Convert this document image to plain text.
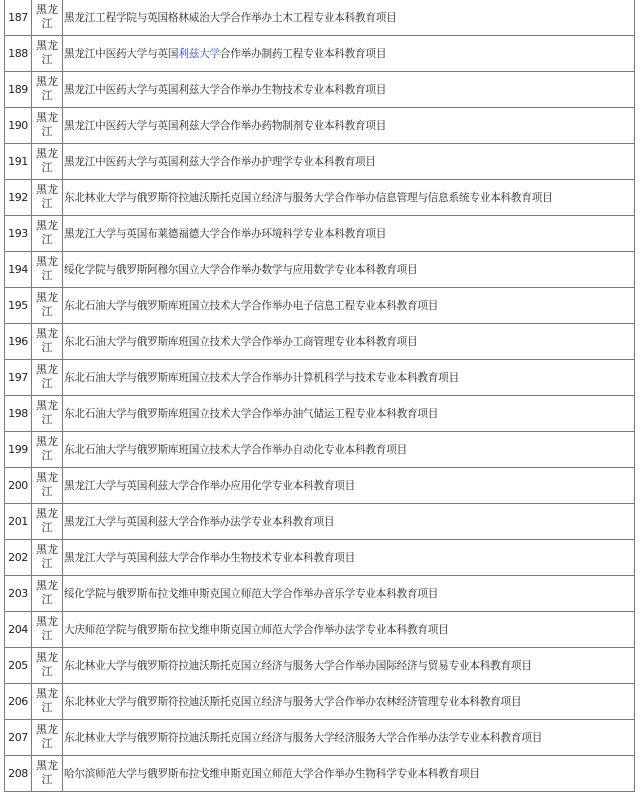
187	黑龙江	黑龙江工程学院与英国格林威治大学合作举办土木工程专业本科教育项目
188	黑龙江	黑龙江中医药大学与英国利兹大学合作举办制药工程专业本科教育项目
189	黑龙江	黑龙江中医药大学与英国利兹大学合作举办生物技术专业本科教育项目
190	黑龙江	黑龙江中医药大学与英国利兹大学合作举办药物制剂专业本科教育项目
191	黑龙江	黑龙江中医药大学与英国利兹大学合作举办护理学专业本科教育项目
192	黑龙江	东北林业大学与俄罗斯符拉迪沃斯托克国立经济与服务大学合作举办信息管理与信息系统专业本科教育项目
193	黑龙江	黑龙江大学与英国布莱德福德大学合作举办环境科学专业本科教育项目
194	黑龙江	绥化学院与俄罗斯阿穆尔国立大学合作举办数学与应用数学专业本科教育项目
195	黑龙江	东北石油大学与俄罗斯库班国立技术大学合作举办电子信息工程专业本科教育项目
196	黑龙江	东北石油大学与俄罗斯库班国立技术大学合作举办工商管理专业本科教育项目
197	黑龙江	东北石油大学与俄罗斯库班国立技术大学合作举办计算机科学与技术专业本科教育项目
198	黑龙江	东北石油大学与俄罗斯库班国立技术大学合作举办油气储运工程专业本科教育项目
199	黑龙江	东北石油大学与俄罗斯库班国立技术大学合作举办自动化专业本科教育项目
200	黑龙江	黑龙江大学与英国利兹大学合作举办应用化学专业本科教育项目
201	黑龙江	黑龙江大学与英国利兹大学合作举办法学专业本科教育项目
202	黑龙江	黑龙江大学与英国利兹大学合作举办生物技术专业本科教育项目
203	黑龙江	绥化学院与俄罗斯布拉戈维申斯克国立师范大学合作举办音乐学专业本科教育项目
204	黑龙江	大庆师范学院与俄罗斯布拉戈维申斯克国立师范大学合作举办法学专业本科教育项目
205	黑龙江	东北林业大学与俄罗斯符拉迪沃斯托克国立经济与服务大学合作举办国际经济与贸易专业本科教育项目
206	黑龙江	东北林业大学与俄罗斯符拉迪沃斯托克国立经济与服务大学合作举办农林经济管理专业本科教育项目
207	黑龙江	东北林业大学与俄罗斯符拉迪沃斯托克国立经济与服务大学经济服务大学合作举办法学专业本科教育项目
208	黑龙江	哈尔滨师范大学与俄罗斯布拉戈维申斯克国立师范大学合作举办生物科学专业本科教育项目
